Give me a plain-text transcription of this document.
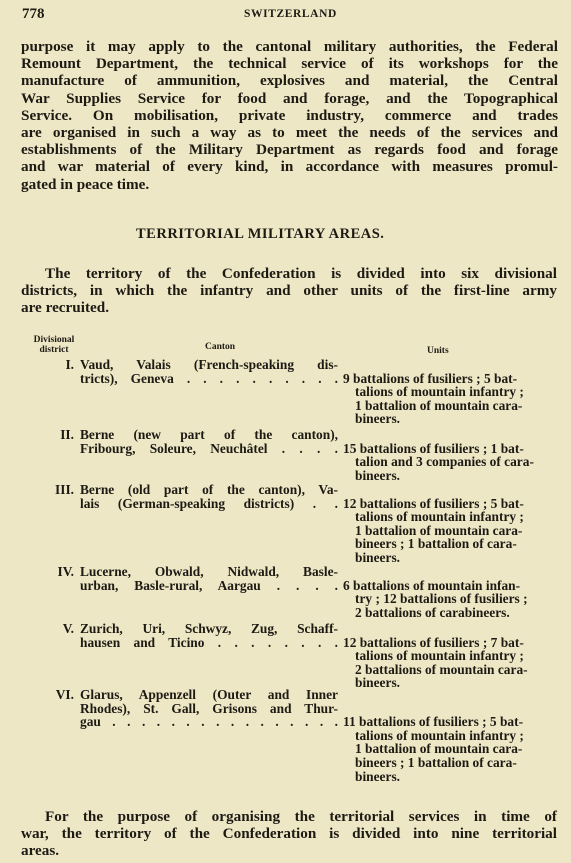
778	SWITZERLAND

purpose it may apply to the cantonal military authorities, the Federal
Remount Department, the technical service of its workshops for the
manufacture of ammunition, explosives and material, the Central
War Supplies Service for food and forage, and the Topographical
Service. On mobilisation, private industry, commerce and trades
are organised in such a way as to meet the needs of the services and
establishments of the Military Department as regards food and forage
and war material of every kind, in accordance with measures promul-
gated in peace time.

TERRITORIAL MILITARY AREAS.

The territory of the Confederation is divided into six divisional
districts, in which the infantry and other units of the first-line army
are recruited.

Divisional
district	Canton	Units
I. Vaud, Valais (French-speaking dis-
tricts), Geneva . . . . . . . . . . 9 battalions of fusiliers ; 5 bat-
talions of mountain infantry ;
1 battalion of mountain cara-
bineers.
II. Berne (new part of the canton),
Fribourg, Soleure, Neuchâtel . . . . 15 battalions of fusiliers ; 1 bat-
talion and 3 companies of cara-
bineers.
III. Berne (old part of the canton), Va-
lais (German-speaking districts) . . 12 battalions of fusiliers ; 5 bat-
talions of mountain infantry ;
1 battalion of mountain cara-
bineers ; 1 battalion of cara-
bineers.
IV. Lucerne, Obwald, Nidwald, Basle-
urban, Basle-rural, Aargau . . . . 6 battalions of mountain infan-
try ; 12 battalions of fusiliers ;
2 battalions of carabineers.
V. Zurich, Uri, Schwyz, Zug, Schaff-
hausen and Ticino . . . . . . . . 12 battalions of fusiliers ; 7 bat-
talions of mountain infantry ;
2 battalions of mountain cara-
bineers.
VI. Glarus, Appenzell (Outer and Inner
Rhodes), St. Gall, Grisons and Thur-
gau . . . . . . . . . . . . . . . . 11 battalions of fusiliers ; 5 bat-
talions of mountain infantry ;
1 battalion of mountain cara-
bineers ; 1 battalion of cara-
bineers.

For the purpose of organising the territorial services in time of
war, the territory of the Confederation is divided into nine territorial
areas.
